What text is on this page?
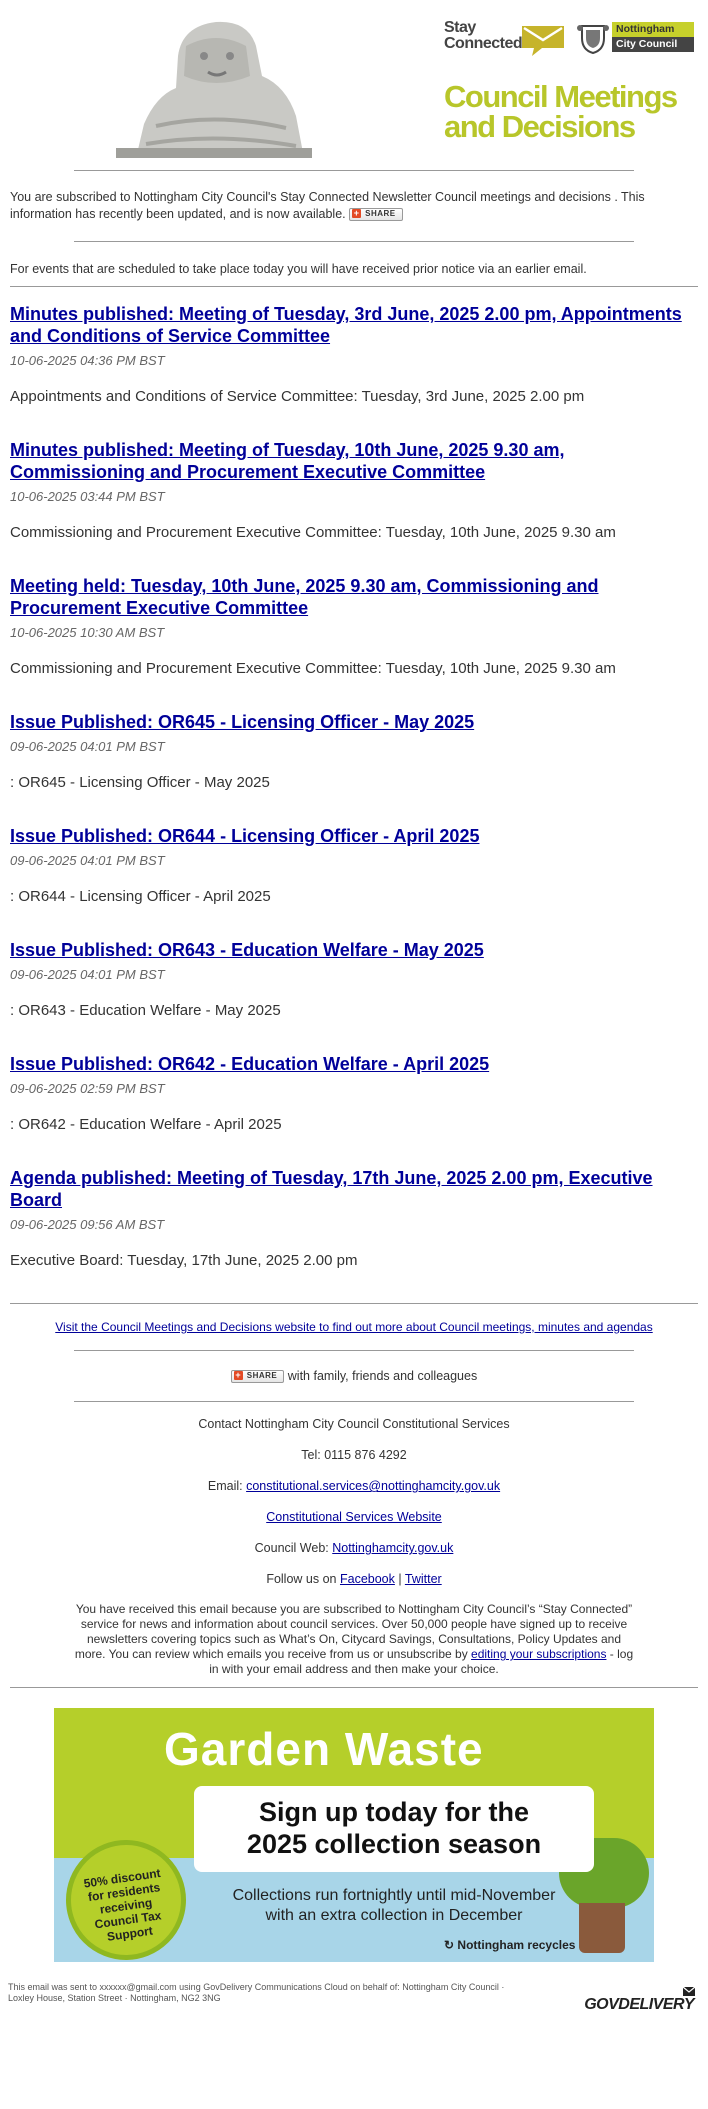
Stay
Connected
Nottingham
City Council
Council Meetings
and Decisions
You are subscribed to Nottingham City Council's Stay Connected Newsletter Council meetings and decisions . This information has recently been updated, and is now available. + SHARE
For events that are scheduled to take place today you will have received prior notice via an earlier email.
Minutes published: Meeting of Tuesday, 3rd June, 2025 2.00 pm, Appointments and Conditions of Service Committee
10-06-2025 04:36 PM BST
Appointments and Conditions of Service Committee: Tuesday, 3rd June, 2025 2.00 pm
Minutes published: Meeting of Tuesday, 10th June, 2025 9.30 am, Commissioning and Procurement Executive Committee
10-06-2025 03:44 PM BST
Commissioning and Procurement Executive Committee: Tuesday, 10th June, 2025 9.30 am
Meeting held: Tuesday, 10th June, 2025 9.30 am, Commissioning and Procurement Executive Committee
10-06-2025 10:30 AM BST
Commissioning and Procurement Executive Committee: Tuesday, 10th June, 2025 9.30 am
Issue Published: OR645 - Licensing Officer - May 2025
09-06-2025 04:01 PM BST
: OR645 - Licensing Officer - May 2025
Issue Published: OR644 - Licensing Officer - April 2025
09-06-2025 04:01 PM BST
: OR644 - Licensing Officer - April 2025
Issue Published: OR643 - Education Welfare - May 2025
09-06-2025 04:01 PM BST
: OR643 - Education Welfare - May 2025
Issue Published: OR642 - Education Welfare - April 2025
09-06-2025 02:59 PM BST
: OR642 - Education Welfare - April 2025
Agenda published: Meeting of Tuesday, 17th June, 2025 2.00 pm, Executive Board
09-06-2025 09:56 AM BST
Executive Board: Tuesday, 17th June, 2025 2.00 pm
Visit the Council Meetings and Decisions website to find out more about Council meetings, minutes and agendas
+ SHARE with family, friends and colleagues

Contact Nottingham City Council Constitutional Services

Tel: 0115 876 4292

Email: constitutional.services@nottinghamcity.gov.uk

Constitutional Services Website

Council Web: Nottinghamcity.gov.uk

Follow us on Facebook | Twitter

You have received this email because you are subscribed to Nottingham City Council’s “Stay Connected” service for news and information about council services. Over 50,000 people have signed up to receive newsletters covering topics such as What’s On, Citycard Savings, Consultations, Policy Updates and more. You can review which emails you receive from us or unsubscribe by editing your subscriptions - log in with your email address and then make your choice.
Garden Waste
Sign up today for the
2025 collection season
Collections run fortnightly until mid-November
with an extra collection in December
50% discount for residents receiving Council Tax Support
↻ Nottingham recycles
This email was sent to xxxxxx@gmail.com using GovDelivery Communications Cloud on behalf of: Nottingham City Council ·
Loxley House, Station Street · Nottingham, NG2 3NG	GOVDELIVERY
